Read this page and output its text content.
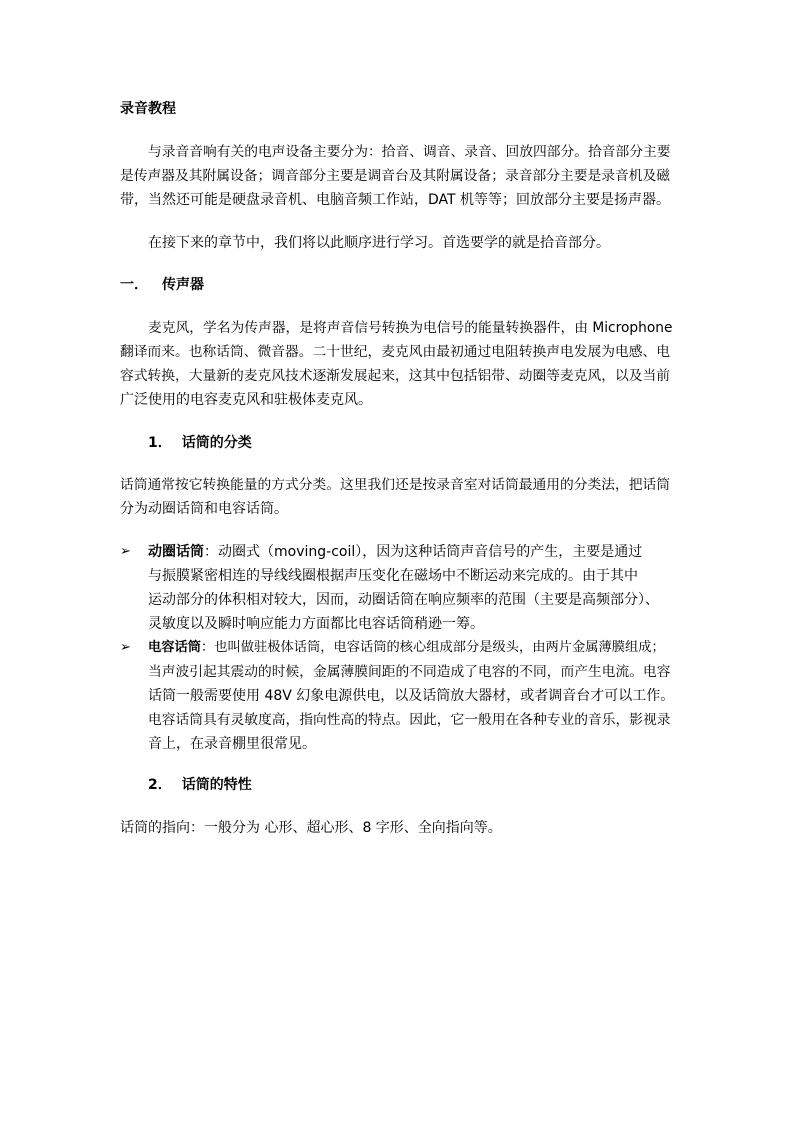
录音教程
与录音音响有关的电声设备主要分为：拾音、调音、录音、回放四部分。拾音部分主要
是传声器及其附属设备；调音部分主要是调音台及其附属设备；录音部分主要是录音机及磁
带，当然还可能是硬盘录音机、电脑音频工作站，DAT 机等等；回放部分主要是扬声器。
在接下来的章节中，我们将以此顺序进行学习。首选要学的就是拾音部分。
一． 传声器
麦克风，学名为传声器，是将声音信号转换为电信号的能量转换器件，由 Microphone
翻译而来。也称话筒、微音器。二十世纪，麦克风由最初通过电阻转换声电发展为电感、电
容式转换，大量新的麦克风技术逐渐发展起来，这其中包括铝带、动圈等麦克风，以及当前
广泛使用的电容麦克风和驻极体麦克风。
1． 话筒的分类
话筒通常按它转换能量的方式分类。这里我们还是按录音室对话筒最通用的分类法，把话筒
分为动圈话筒和电容话筒。
➢ 动圈话筒：动圈式（moving-coil），因为这种话筒声音信号的产生，主要是通过
与振膜紧密相连的导线线圈根据声压变化在磁场中不断运动来完成的。由于其中
运动部分的体积相对较大，因而，动圈话筒在响应频率的范围（主要是高频部分）、
灵敏度以及瞬时响应能力方面都比电容话筒稍逊一筹。
➢ 电容话筒：也叫做驻极体话筒，电容话筒的核心组成部分是级头，由两片金属薄膜组成；
当声波引起其震动的时候，金属薄膜间距的不同造成了电容的不同，而产生电流。电容
话筒一般需要使用 48V 幻象电源供电，以及话筒放大器材，或者调音台才可以工作。
电容话筒具有灵敏度高，指向性高的特点。因此，它一般用在各种专业的音乐，影视录
音上，在录音棚里很常见。
2． 话筒的特性
话筒的指向：一般分为 心形、超心形、8 字形、全向指向等。
